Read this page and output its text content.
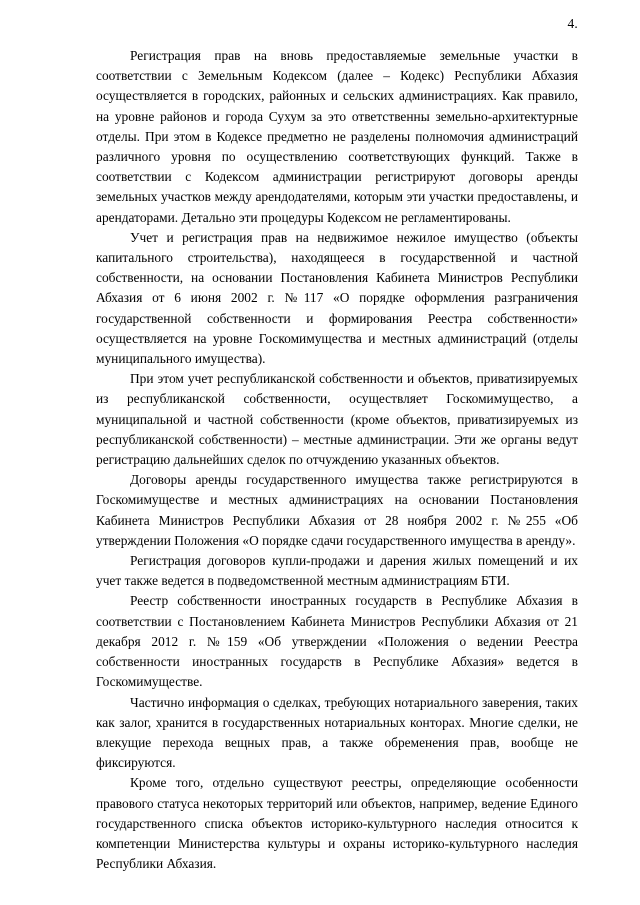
4.

Регистрация прав на вновь предоставляемые земельные участки в соответствии с Земельным Кодексом (далее – Кодекс) Республики Абхазия осуществляется в городских, районных и сельских администрациях. Как правило, на уровне районов и города Сухум за это ответственны земельно-архитектурные отделы. При этом в Кодексе предметно не разделены полномочия администраций различного уровня по осуществлению соответствующих функций. Также в соответствии с Кодексом администрации регистрируют договоры аренды земельных участков между арендодателями, которым эти участки предоставлены, и арендаторами. Детально эти процедуры Кодексом не регламентированы.

Учет и регистрация прав на недвижимое нежилое имущество (объекты капитального строительства), находящееся в государственной и частной собственности, на основании Постановления Кабинета Министров Республики Абхазия от 6 июня 2002 г. №117 «О порядке оформления разграничения государственной собственности и формирования Реестра собственности» осуществляется на уровне Госкомимущества и местных администраций (отделы муниципального имущества).

При этом учет республиканской собственности и объектов, приватизируемых из республиканской собственности, осуществляет Госкомимущество, а муниципальной и частной собственности (кроме объектов, приватизируемых из республиканской собственности) – местные администрации. Эти же органы ведут регистрацию дальнейших сделок по отчуждению указанных объектов.

Договоры аренды государственного имущества также регистрируются в Госкомимуществе и местных администрациях на основании Постановления Кабинета Министров Республики Абхазия от 28 ноября 2002 г. №255 «Об утверждении Положения «О порядке сдачи государственного имущества в аренду».

Регистрация договоров купли-продажи и дарения жилых помещений и их учет также ведется в подведомственной местным администрациям БТИ.

Реестр собственности иностранных государств в Республике Абхазия в соответствии с Постановлением Кабинета Министров Республики Абхазия от 21 декабря 2012 г. №159 «Об утверждении «Положения о ведении Реестра собственности иностранных государств в Республике Абхазия» ведется в Госкомимуществе.

Частично информация о сделках, требующих нотариального заверения, таких как залог, хранится в государственных нотариальных конторах. Многие сделки, не влекущие перехода вещных прав, а также обременения прав, вообще не фиксируются.

Кроме того, отдельно существуют реестры, определяющие особенности правового статуса некоторых территорий или объектов, например, ведение Единого государственного списка объектов историко-культурного наследия относится к компетенции Министерства культуры и охраны историко-культурного наследия Республики Абхазия.
